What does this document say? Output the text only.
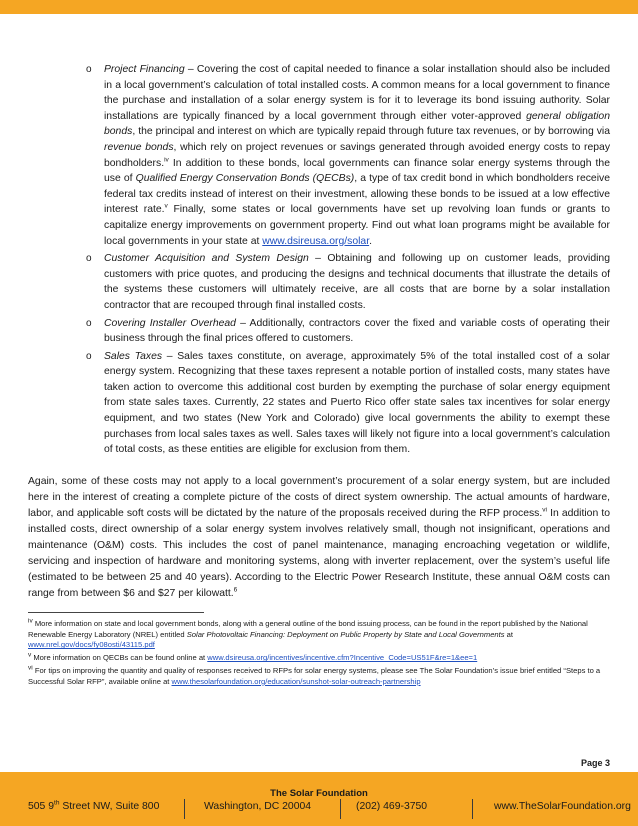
o Project Financing – Covering the cost of capital needed to finance a solar installation should also be included in a local government’s calculation of total installed costs. A common means for a local government to finance the purchase and installation of a solar energy system is for it to leverage its bond issuing authority. Solar installations are typically financed by a local government through either voter-approved general obligation bonds, the principal and interest on which are typically repaid through future tax revenues, or by borrowing via revenue bonds, which rely on project revenues or savings generated through avoided energy costs to repay bondholders.$^{iv}$ In addition to these bonds, local governments can finance solar energy systems through the use of Qualified Energy Conservation Bonds (QECBs), a type of tax credit bond in which bondholders receive federal tax credits instead of interest on their investment, allowing these bonds to be issued at a low effective interest rate.$^v$ Finally, some states or local governments have set up revolving loan funds or grants to capitalize energy improvements on government property. Find out what loan programs might be available for local governments in your state at www.dsireusa.org/solar.
o Customer Acquisition and System Design – Obtaining and following up on customer leads, providing customers with price quotes, and producing the designs and technical documents that illustrate the details of the systems these customers will ultimately receive, are all costs that are borne by a solar installation contractor that are recouped through final installed costs.
o Covering Installer Overhead – Additionally, contractors cover the fixed and variable costs of operating their business through the final prices offered to customers.
o Sales Taxes – Sales taxes constitute, on average, approximately 5% of the total installed cost of a solar energy system. Recognizing that these taxes represent a notable portion of installed costs, many states have taken action to overcome this additional cost burden by exempting the purchase of solar energy equipment from state sales taxes. Currently, 22 states and Puerto Rico offer state sales tax incentives for solar energy equipment, and two states (New York and Colorado) give local governments the ability to exempt these purchases from local sales taxes as well. Sales taxes will likely not figure into a local government’s calculation of total costs, as these entities are eligible for exclusion from them.

Again, some of these costs may not apply to a local government’s procurement of a solar energy system, but are included here in the interest of creating a complete picture of the costs of direct system ownership. The actual amounts of hardware, labor, and applicable soft costs will be dictated by the nature of the proposals received during the RFP process.$^{vi}$ In addition to installed costs, direct ownership of a solar energy system involves relatively small, though not insignificant, operations and maintenance (O&M) costs. This includes the cost of panel maintenance, managing encroaching vegetation or wildlife, servicing and inspection of hardware and monitoring systems, along with inverter replacement, over the system’s useful life (estimated to be between 25 and 40 years). According to the Electric Power Research Institute, these annual O&M costs can range from between $6 and $27 per kilowatt.$^6$

$^{iv}$ More information on state and local government bonds, along with a general outline of the bond issuing process, can be found in the report published by the National Renewable Energy Laboratory (NREL) entitled Solar Photovoltaic Financing: Deployment on Public Property by State and Local Governments at www.nrel.gov/docs/fy08osti/43115.pdf

$^v$ More information on QECBs can be found online at www.dsireusa.org/incentives/incentive.cfm?Incentive_Code=US51F&re=1&ee=1

$^{vi}$ For tips on improving the quantity and quality of responses received to RFPs for solar energy systems, please see The Solar Foundation’s issue brief entitled “Steps to a Successful Solar RFP”, available online at www.thesolarfoundation.org/education/sunshot-solar-outreach-partnership

Page 3
The Solar Foundation
505 9th Street NW, Suite 800	Washington, DC 20004	(202) 469-3750	www.TheSolarFoundation.org
